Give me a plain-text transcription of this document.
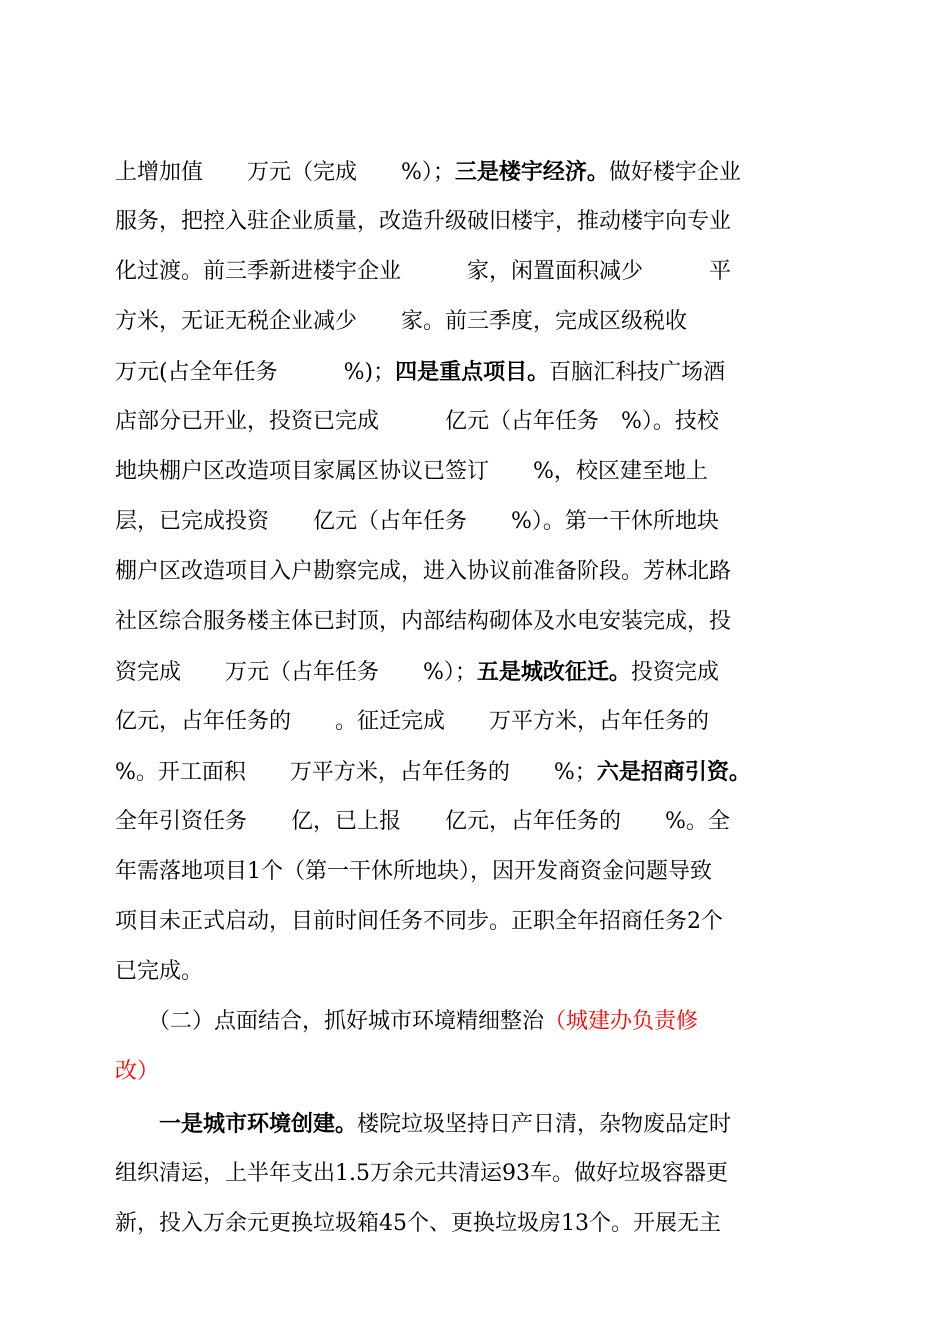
上增加值　　万元（完成　　%）；三是楼宇经济。做好楼宇企业
服务，把控入驻企业质量，改造升级破旧楼宇，推动楼宇向专业
化过渡。前三季新进楼宇企业　　　家，闲置面积减少　　　平
方米，无证无税企业减少　　家。前三季度，完成区级税收
万元(占全年任务　　　%)；四是重点项目。百脑汇科技广场酒
店部分已开业，投资已完成　　　亿元（占年任务　%）。技校
地块棚户区改造项目家属区协议已签订　　%，校区建至地上
层，已完成投资　　亿元（占年任务　　%）。第一干休所地块
棚户区改造项目入户勘察完成，进入协议前准备阶段。芳林北路
社区综合服务楼主体已封顶，内部结构砌体及水电安装完成，投
资完成　　万元（占年任务　　%）；五是城改征迁。投资完成
亿元，占年任务的　　。征迁完成　　万平方米，占年任务的
%。开工面积　　万平方米，占年任务的　　%；六是招商引资。
全年引资任务　　亿，已上报　　亿元，占年任务的　　%。全
年需落地项目1个（第一干休所地块），因开发商资金问题导致
项目未正式启动，目前时间任务不同步。正职全年招商任务2个
已完成。
　　（二）点面结合，抓好城市环境精细整治（城建办负责修
改）
　　一是城市环境创建。楼院垃圾坚持日产日清，杂物废品定时
组织清运，上半年支出1.5万余元共清运93车。做好垃圾容器更
新，投入万余元更换垃圾箱45个、更换垃圾房13个。开展无主
